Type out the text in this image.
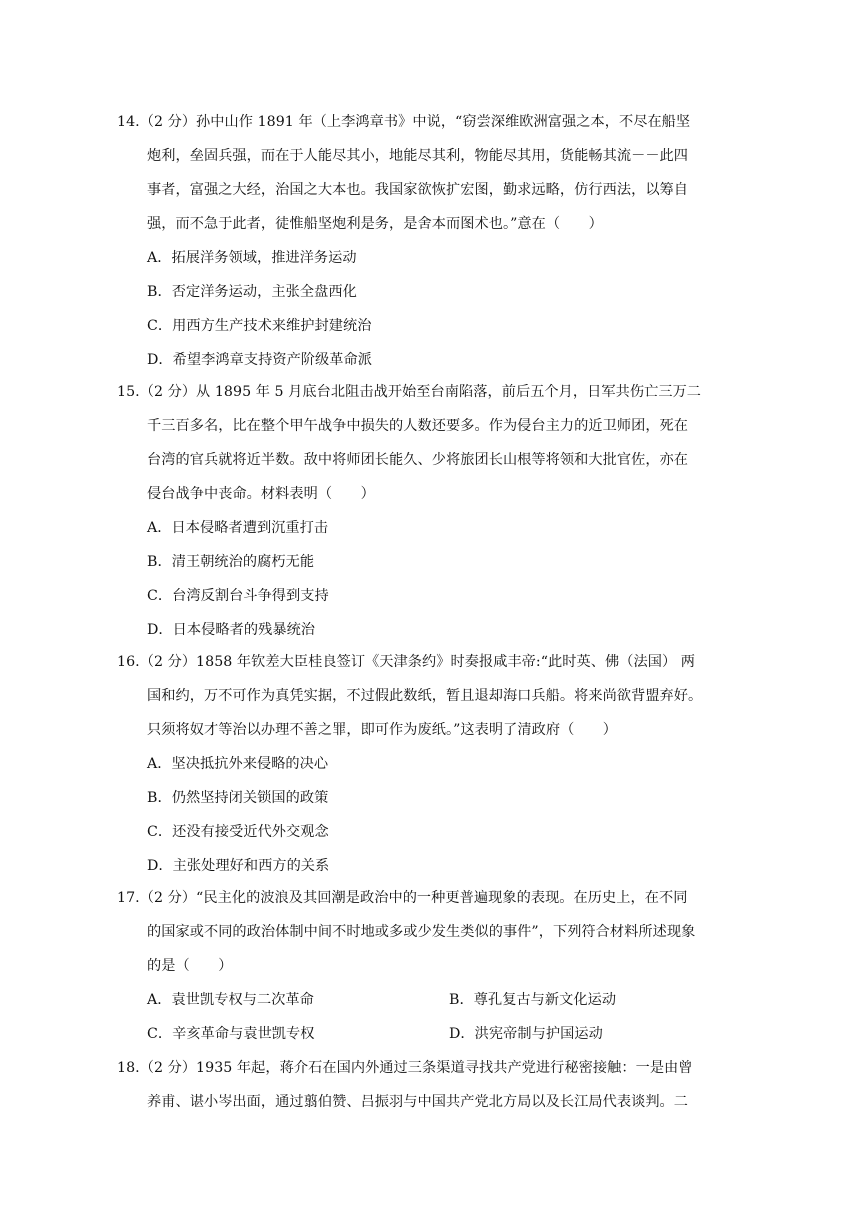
14.（2 分）孙中山作 1891 年（上李鸿章书》中说，“窃尝深维欧洲富强之本，不尽在船坚
炮利，垒固兵强，而在于人能尽其小，地能尽其利，物能尽其用，货能畅其流－－此四
事者，富强之大经，治国之大本也。我国家欲恢扩宏图，勤求远略，仿行西法，以筹自
强，而不急于此者，徒惟船坚炮利是务，是舍本而图术也。”意在（　　）
A．拓展洋务领域，推进洋务运动
B．否定洋务运动，主张全盘西化
C．用西方生产技术来维护封建统治
D．希望李鸿章支持资产阶级革命派
15.（2 分）从 1895 年 5 月底台北阻击战开始至台南陷落，前后五个月，日军共伤亡三万二
千三百多名，比在整个甲午战争中损失的人数还要多。作为侵台主力的近卫师团，死在
台湾的官兵就将近半数。敌中将师团长能久、少将旅团长山根等将领和大批官佐，亦在
侵台战争中丧命。材料表明（　　）
A．日本侵略者遭到沉重打击
B．清王朝统治的腐朽无能
C．台湾反割台斗争得到支持
D．日本侵略者的残暴统治
16.（2 分）1858 年钦差大臣桂良签订《天津条约》时奏报咸丰帝:“此时英、佛（法国） 两
国和约，万不可作为真凭实据，不过假此数纸，暂且退却海口兵船。将来尚欲背盟弃好。
只须将奴才等治以办理不善之罪，即可作为废纸。”这表明了清政府（　　）
A．坚决抵抗外来侵略的决心
B．仍然坚持闭关锁国的政策
C．还没有接受近代外交观念
D．主张处理好和西方的关系
17.（2 分）“民主化的波浪及其回潮是政治中的一种更普遍现象的表现。在历史上，在不同
的国家或不同的政治体制中间不时地或多或少发生类似的事件”，下列符合材料所述现象
的是（　　）
A．袁世凯专权与二次革命	B．尊孔复古与新文化运动
C．辛亥革命与袁世凯专权	D．洪宪帝制与护国运动
18.（2 分）1935 年起，蒋介石在国内外通过三条渠道寻找共产党进行秘密接触：一是由曾
养甫、谌小岑出面，通过翦伯赞、吕振羽与中国共产党北方局以及长江局代表谈判。二
